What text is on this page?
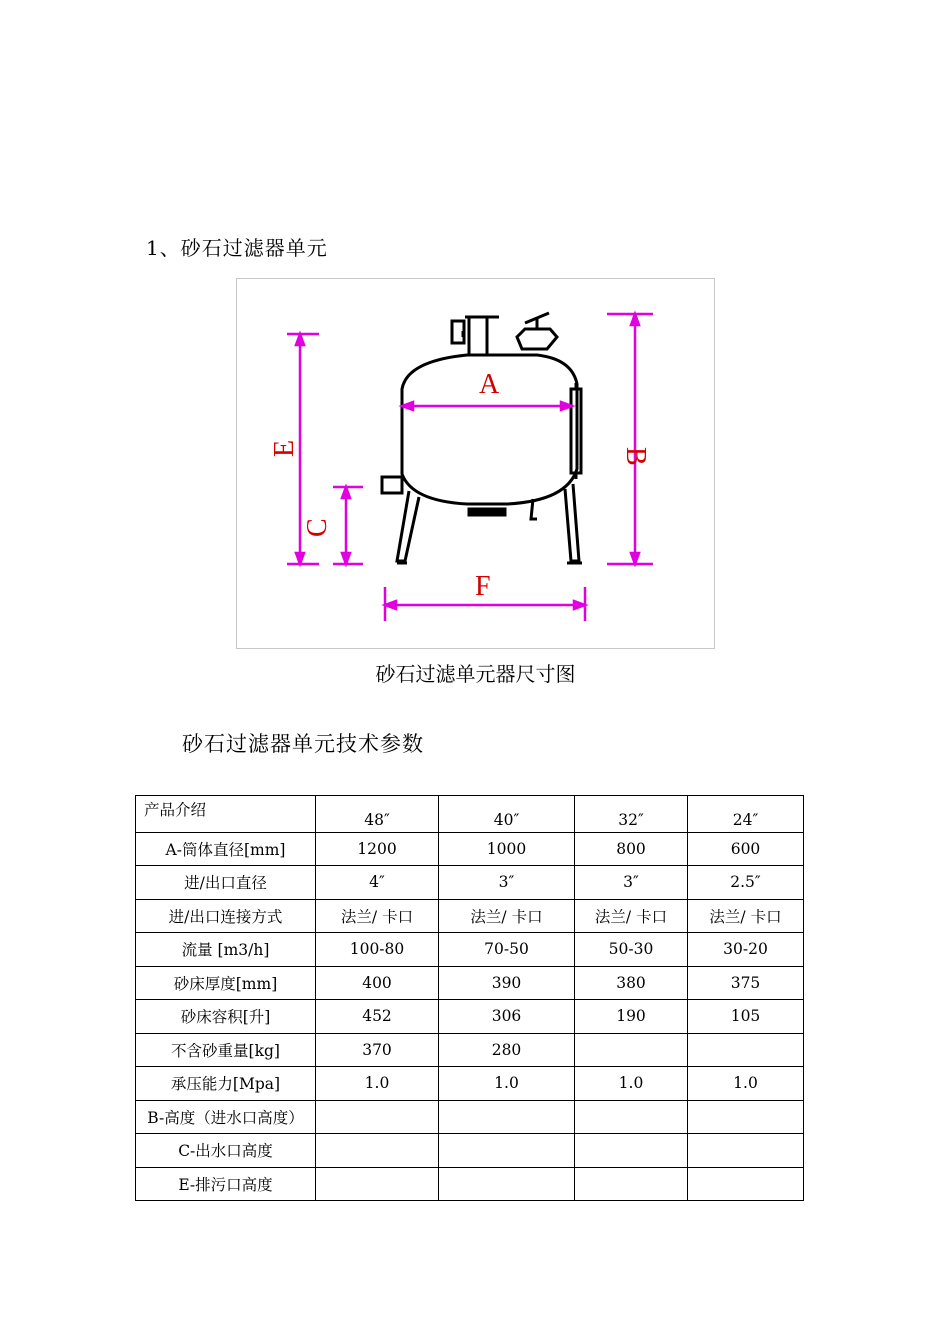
1、砂石过滤器单元
A
F
E
C
B
砂石过滤单元器尺寸图
砂石过滤器单元技术参数
产品介绍	48″	40″	32″	24″
A-筒体直径[mm]	1200	1000	800	600
进/出口直径	4″	3″	3″	2.5″
进/出口连接方式	法兰/ 卡口	法兰/ 卡口	法兰/ 卡口	法兰/ 卡口
流量 [m3/h]	100-80	70-50	50-30	30-20
砂床厚度[mm]	400	390	380	375
砂床容积[升]	452	306	190	105
不含砂重量[kg]	370	280		
承压能力[Mpa]	1.0	1.0	1.0	1.0
B-高度（进水口高度）				
C-出水口高度				
E-排污口高度				
